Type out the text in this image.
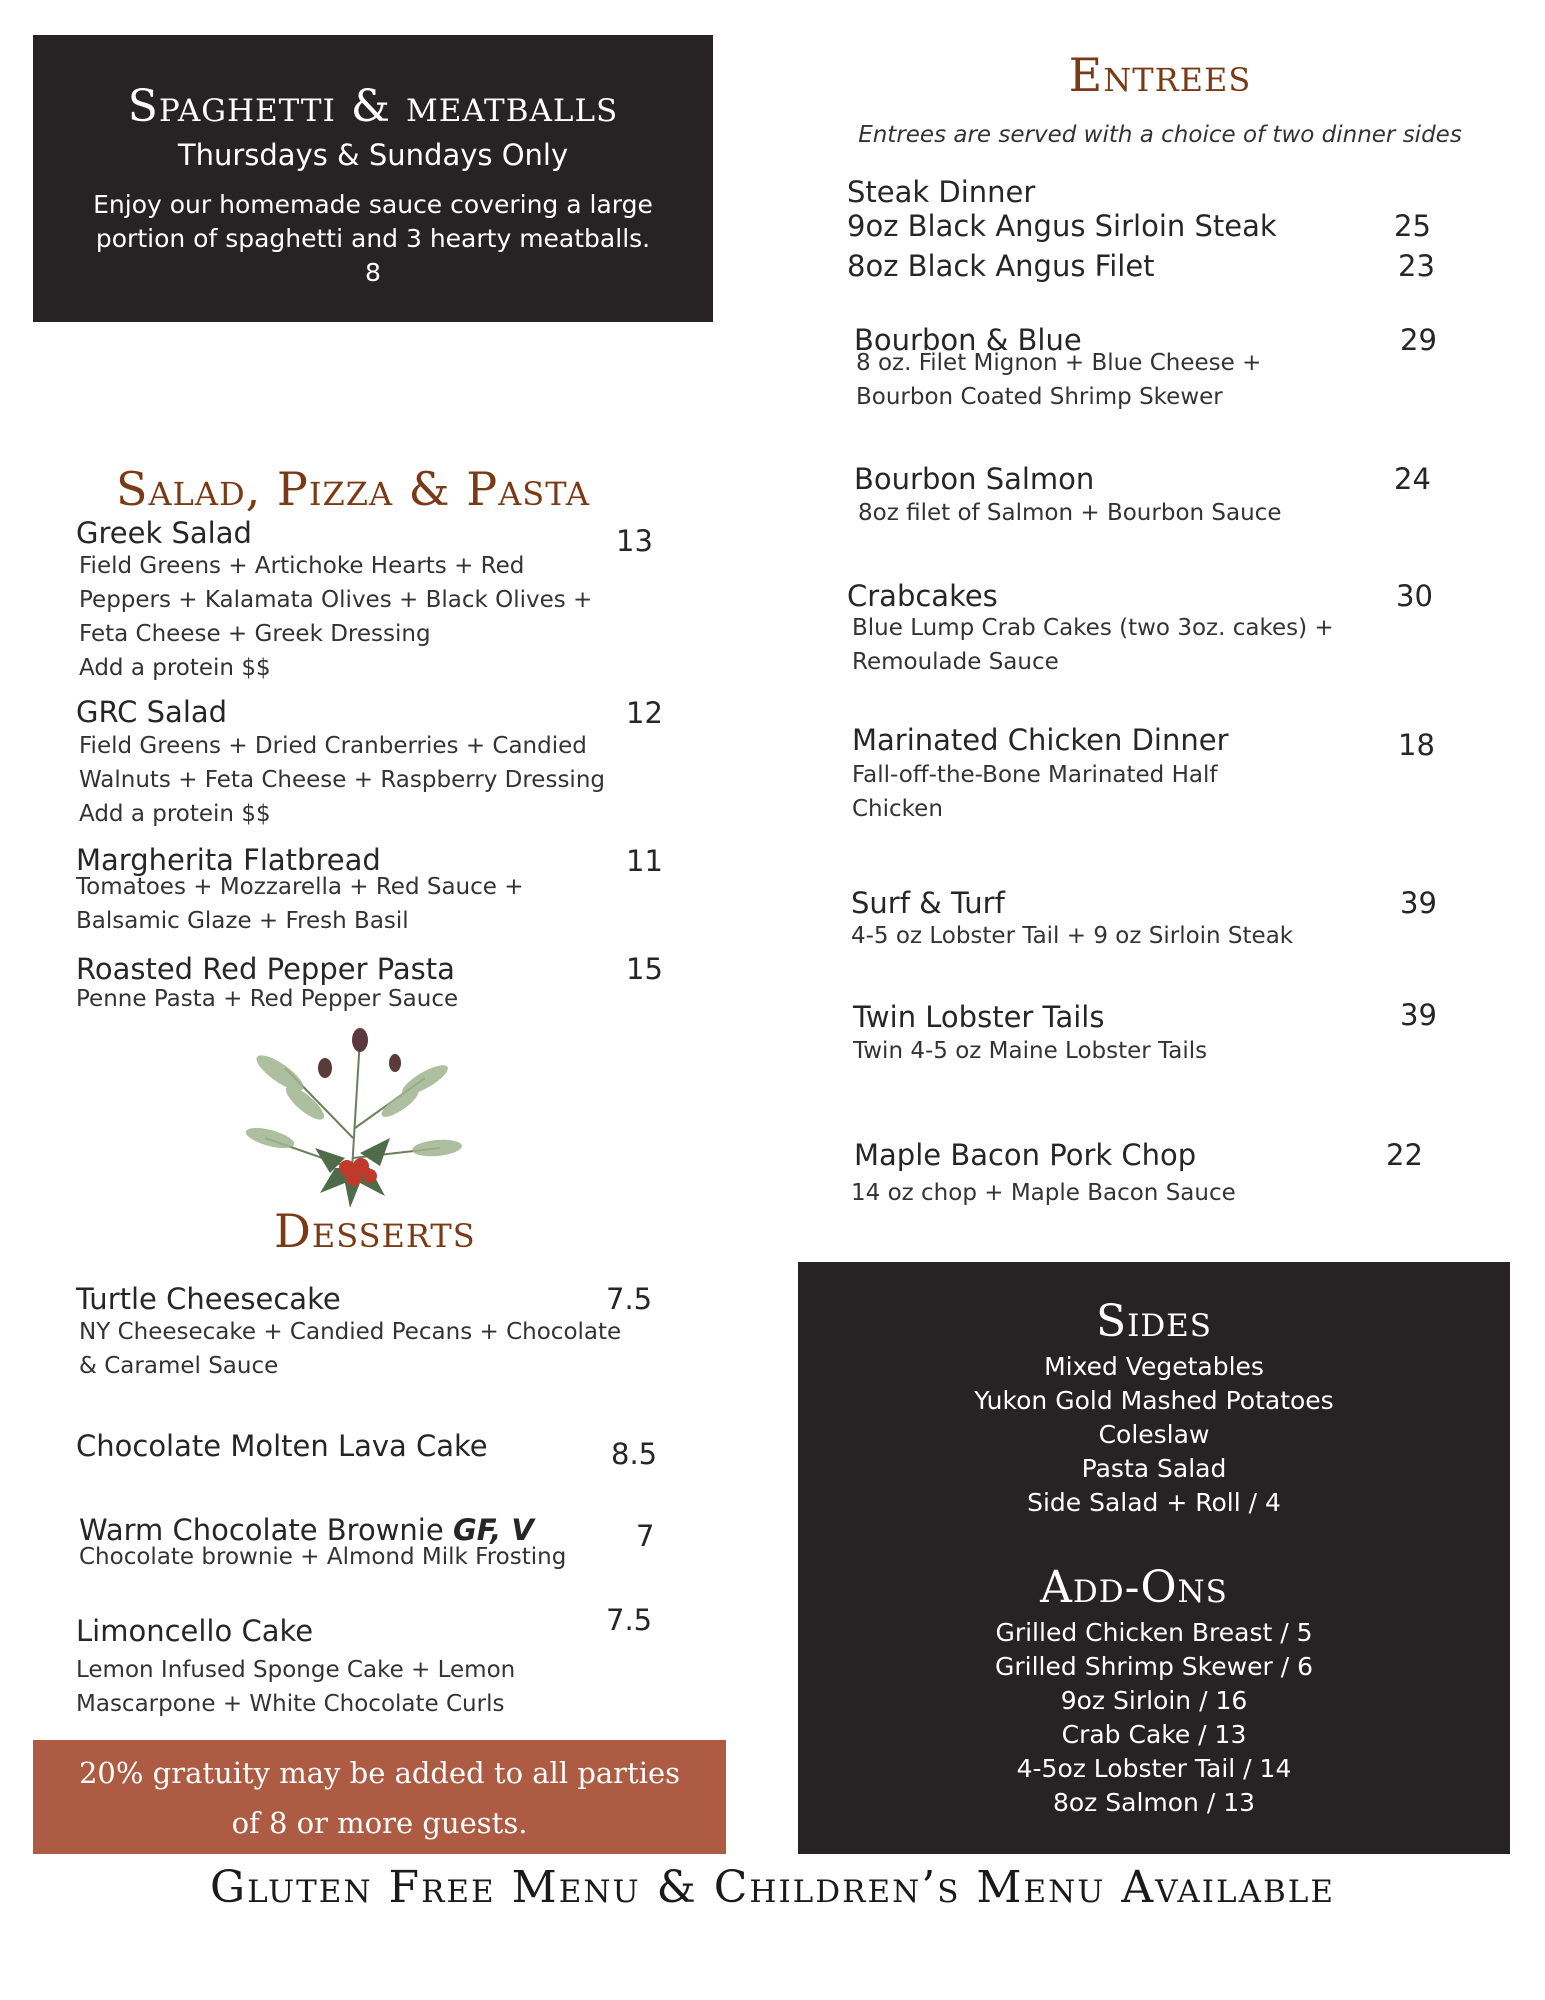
Spaghetti & meatballs
Thursdays & Sundays Only
Enjoy our homemade sauce covering a large
portion of spaghetti and 3 hearty meatballs.
8
Salad, Pizza & Pasta
Greek Salad	13
Field Greens + Artichoke Hearts + Red
Peppers + Kalamata Olives + Black Olives +
Feta Cheese + Greek Dressing
Add a protein $$
GRC Salad	12
Field Greens + Dried Cranberries + Candied
Walnuts + Feta Cheese + Raspberry Dressing
Add a protein $$
Margherita Flatbread	11
Tomatoes + Mozzarella + Red Sauce +
Balsamic Glaze + Fresh Basil
Roasted Red Pepper Pasta	15
Penne Pasta + Red Pepper Sauce
Desserts
Turtle Cheesecake	7.5
NY Cheesecake + Candied Pecans + Chocolate
& Caramel Sauce
Chocolate Molten Lava Cake	8.5
Warm Chocolate Brownie GF, V	7
Chocolate brownie + Almond Milk Frosting
Limoncello Cake	7.5
Lemon Infused Sponge Cake + Lemon
Mascarpone + White Chocolate Curls
20% gratuity may be added to all parties
of 8 or more guests.
Entrees
Entrees are served with a choice of two dinner sides
Steak Dinner
9oz Black Angus Sirloin Steak	25
8oz Black Angus Filet	23
Bourbon & Blue	29
8 oz. Filet Mignon + Blue Cheese +
Bourbon Coated Shrimp Skewer
Bourbon Salmon	24
8oz filet of Salmon + Bourbon Sauce
Crabcakes	30
Blue Lump Crab Cakes (two 3oz. cakes) +
Remoulade Sauce
Marinated Chicken Dinner	18
Fall-off-the-Bone Marinated Half
Chicken
Surf & Turf	39
4-5 oz Lobster Tail + 9 oz Sirloin Steak
Twin Lobster Tails	39
Twin 4-5 oz Maine Lobster Tails
Maple Bacon Pork Chop	22
14 oz chop + Maple Bacon Sauce
Sides
Mixed Vegetables
Yukon Gold Mashed Potatoes
Coleslaw
Pasta Salad
Side Salad + Roll / 4
Add-Ons
Grilled Chicken Breast / 5
Grilled Shrimp Skewer / 6
9oz Sirloin / 16
Crab Cake / 13
4-5oz Lobster Tail / 14
8oz Salmon / 13
Gluten Free Menu & Children’s Menu Available
